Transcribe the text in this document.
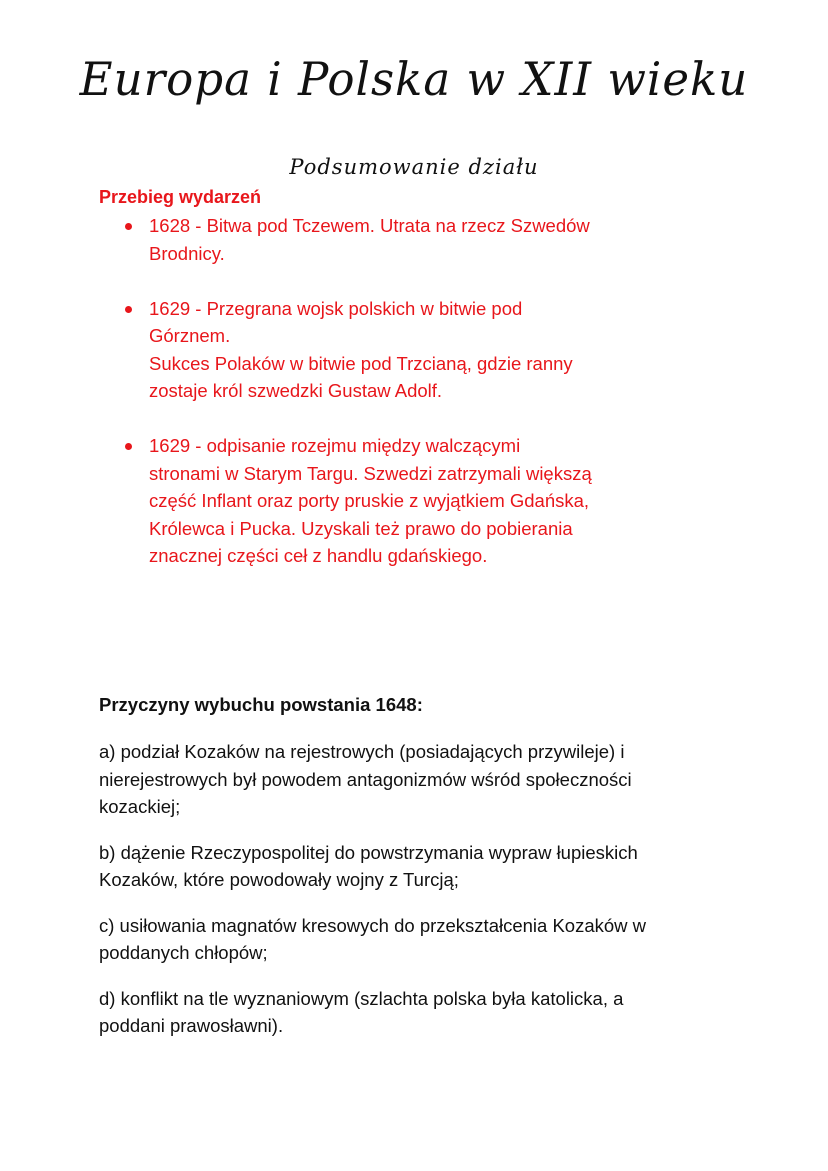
Europa i Polska w XII wieku
Podsumowanie działu
Przebieg wydarzeń
1628 - Bitwa pod Tczewem. Utrata na rzecz Szwedów
Brodnicy.
1629 - Przegrana wojsk polskich w bitwie pod
Górznem.
Sukces Polaków w bitwie pod Trzcianą, gdzie ranny
zostaje król szwedzki Gustaw Adolf.
1629 - odpisanie rozejmu między walczącymi
stronami w Starym Targu. Szwedzi zatrzymali większą
część Inflant oraz porty pruskie z wyjątkiem Gdańska,
Królewca i Pucka. Uzyskali też prawo do pobierania
znacznej części ceł z handlu gdańskiego.
Przyczyny wybuchu powstania 1648:

a) podział Kozaków na rejestrowych (posiadających przywileje) i
nierejestrowych był powodem antagonizmów wśród społeczności
kozackiej;

b) dążenie Rzeczypospolitej do powstrzymania wypraw łupieskich
Kozaków, które powodowały wojny z Turcją;

c) usiłowania magnatów kresowych do przekształcenia Kozaków w
poddanych chłopów;

d) konflikt na tle wyznaniowym (szlachta polska była katolicka, a
poddani prawosławni).
